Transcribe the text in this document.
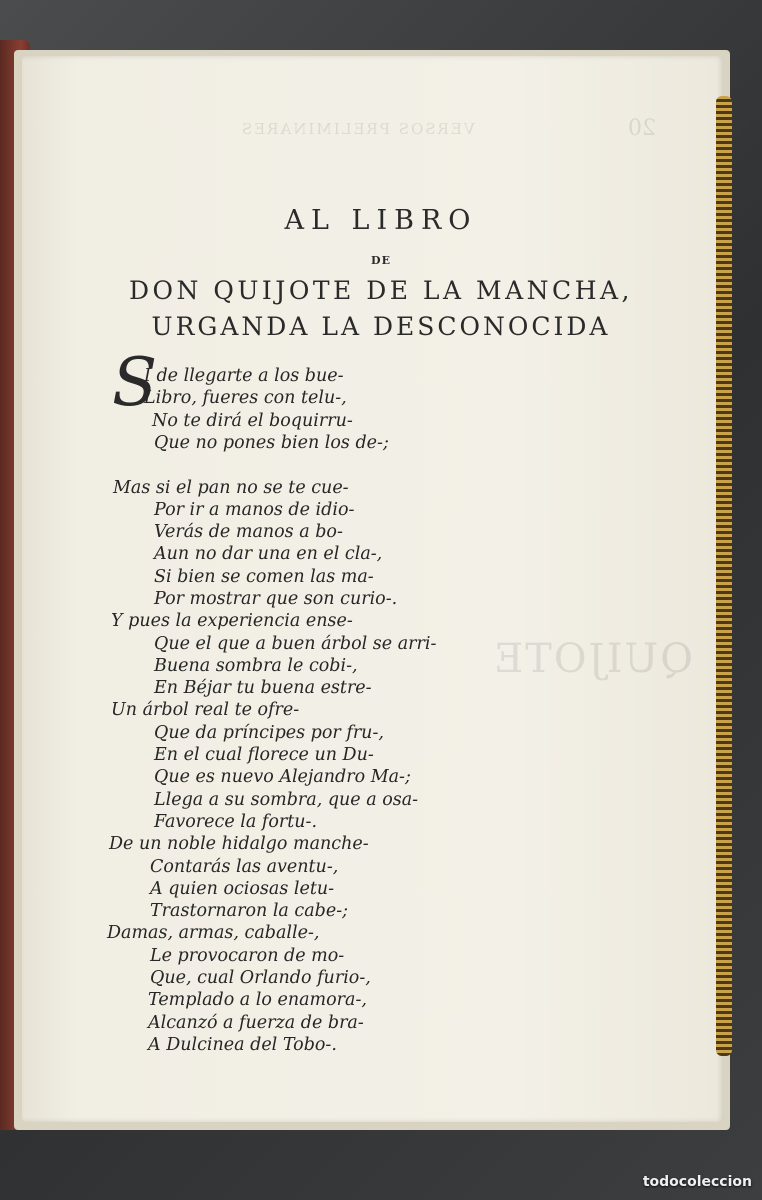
VERSOS PRELIMINARES	20
QUIJOTE
AL LIBRO
DE
DON QUIJOTE DE LA MANCHA,
URGANDA LA DESCONOCIDA
S
I de llegarte a los bue-
Libro, fueres con telu-,
No te dirá el boquirru-
Que no pones bien los de-;
Mas si el pan no se te cue-
Por ir a manos de idio-
Verás de manos a bo-
Aun no dar una en el cla-,
Si bien se comen las ma-
Por mostrar que son curio-.
Y pues la experiencia ense-
Que el que a buen árbol se arri-
Buena sombra le cobi-,
En Béjar tu buena estre-
Un árbol real te ofre-
Que da príncipes por fru-,
En el cual florece un Du-
Que es nuevo Alejandro Ma-;
Llega a su sombra, que a osa-
Favorece la fortu-.
De un noble hidalgo manche-
Contarás las aventu-,
A quien ociosas letu-
Trastornaron la cabe-;
Damas, armas, caballe-,
Le provocaron de mo-
Que, cual Orlando furio-,
Templado a lo enamora-,
Alcanzó a fuerza de bra-
A Dulcinea del Tobo-.
todocoleccion
